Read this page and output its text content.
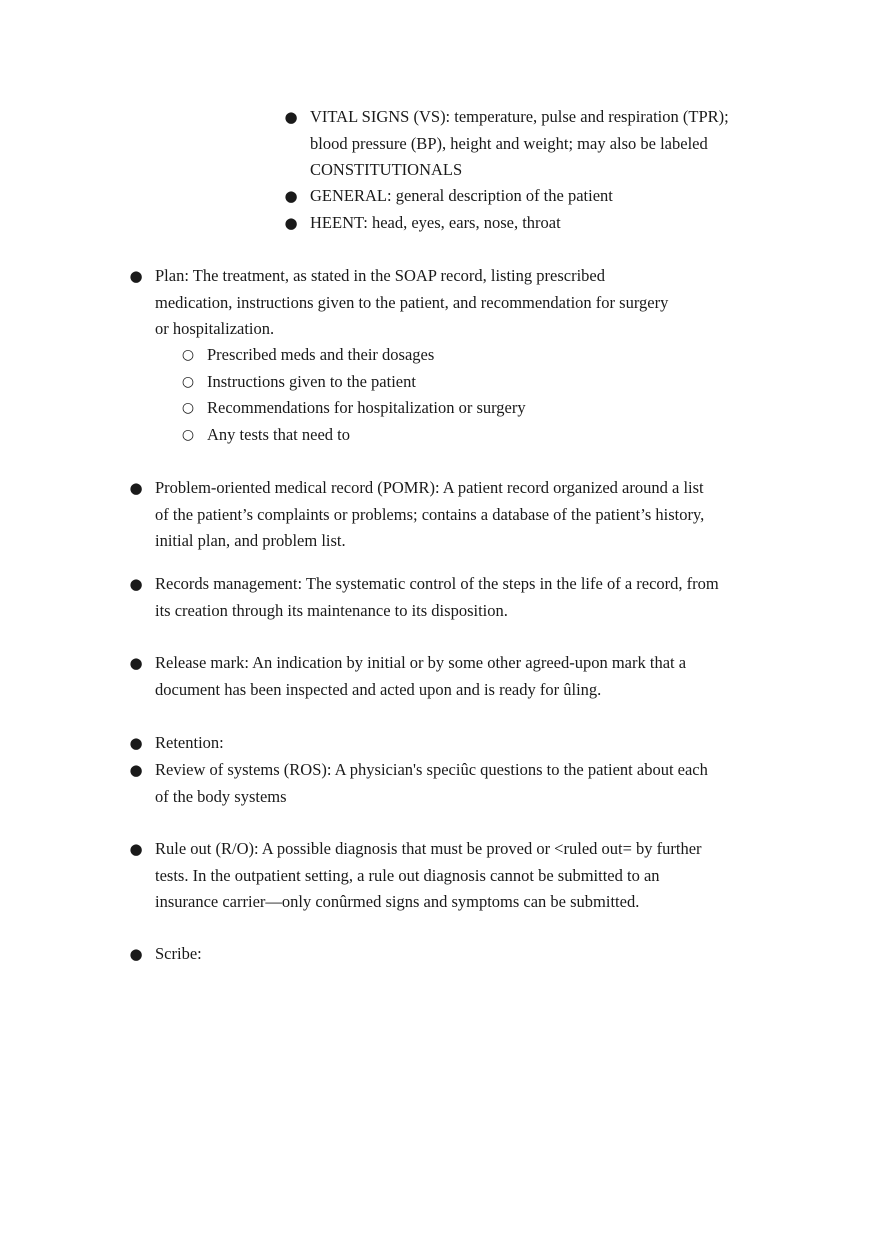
● VITAL SIGNS (VS): temperature, pulse and respiration (TPR); blood pressure (BP), height and weight; may also be labeled CONSTITUTIONALS
● GENERAL: general description of the patient
● HEENT: head, eyes, ears, nose, throat
● Plan: The treatment, as stated in the SOAP record, listing prescribed medication, instructions given to the patient, and recommendation for surgery or hospitalization.
○ Prescribed meds and their dosages
○ Instructions given to the patient
○ Recommendations for hospitalization or surgery
○ Any tests that need to
● Problem-oriented medical record (POMR): A patient record organized around a list of the patient’s complaints or problems; contains a database of the patient’s history, initial plan, and problem list.
● Records management: The systematic control of the steps in the life of a record, from its creation through its maintenance to its disposition.
● Release mark: An indication by initial or by some other agreed-upon mark that a document has been inspected and acted upon and is ready for ûling.
● Retention:
● Review of systems (ROS): A physician's speciûc questions to the patient about each of the body systems
● Rule out (R/O): A possible diagnosis that must be proved or <ruled out= by further tests. In the outpatient setting, a rule out diagnosis cannot be submitted to an insurance carrier—only conûrmed signs and symptoms can be submitted.
● Scribe:
